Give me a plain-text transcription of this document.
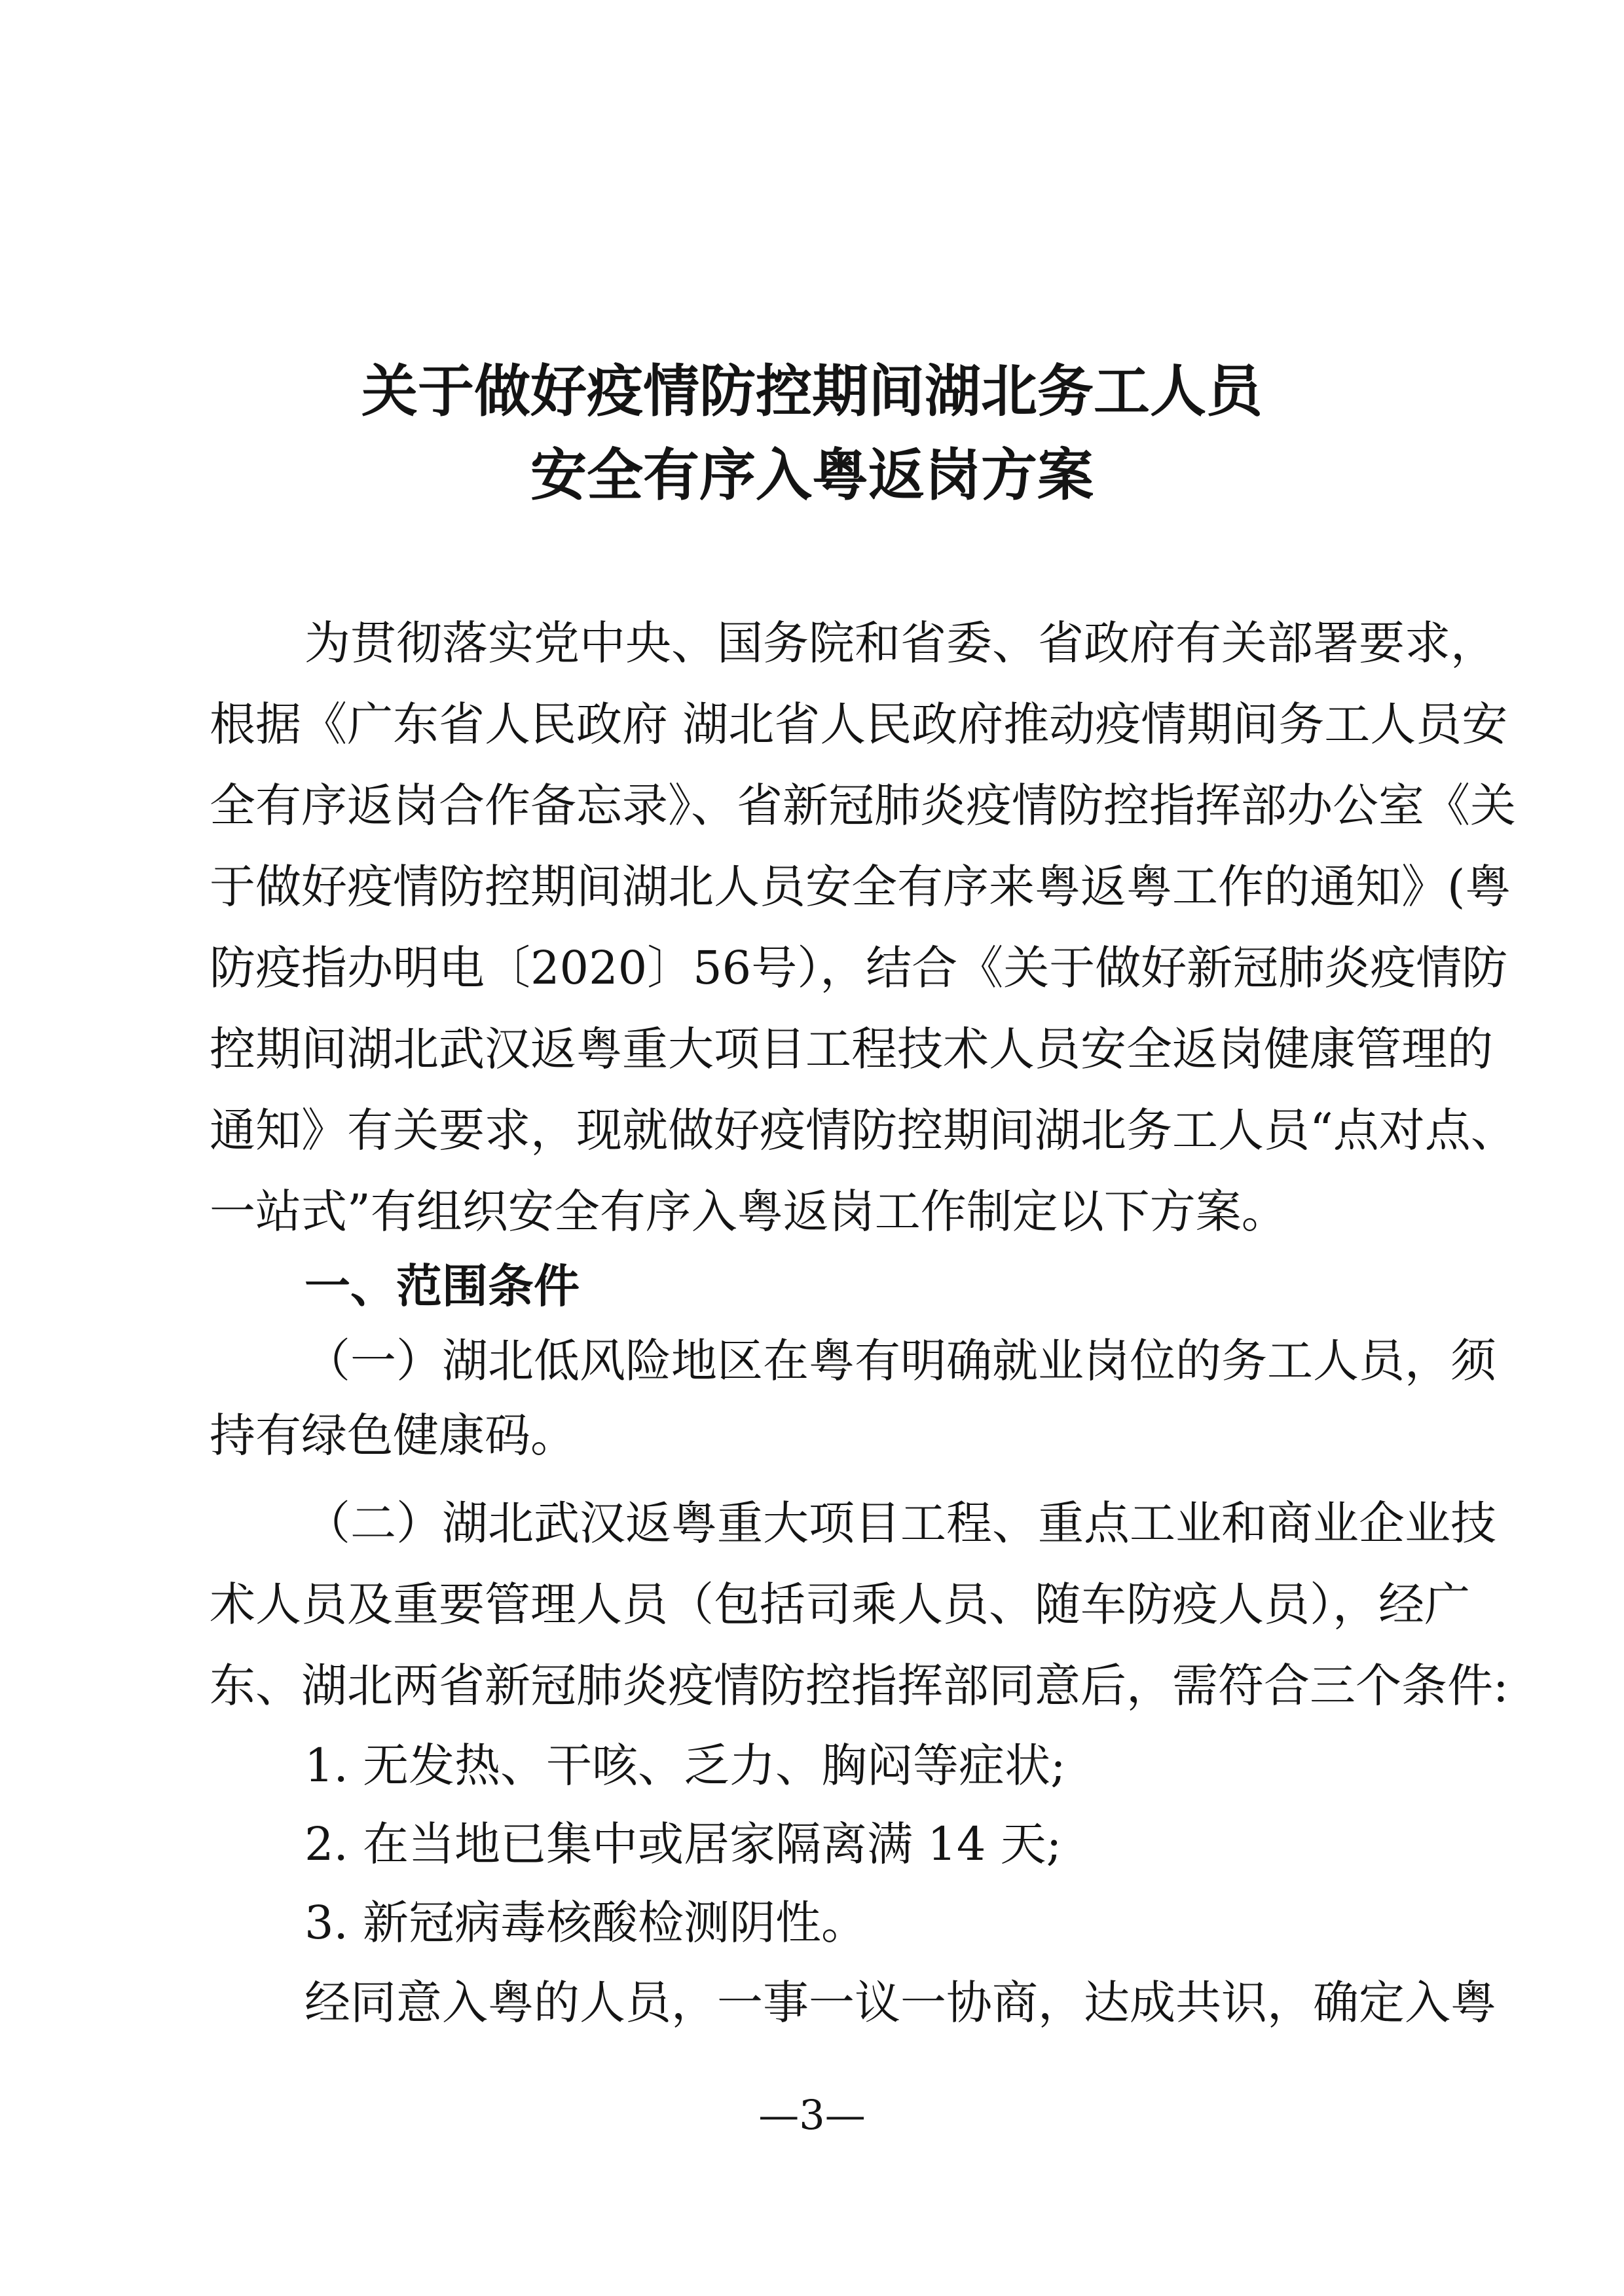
关于做好疫情防控期间湖北务工人员
安全有序入粤返岗方案
为贯彻落实党中央、国务院和省委、省政府有关部署要求，
根据《广东省人民政府 湖北省人民政府推动疫情期间务工人员安
全有序返岗合作备忘录》、省新冠肺炎疫情防控指挥部办公室《关
于做好疫情防控期间湖北人员安全有序来粤返粤工作的通知》(粤
防疫指办明电〔2020〕56号），结合《关于做好新冠肺炎疫情防
控期间湖北武汉返粤重大项目工程技术人员安全返岗健康管理的
通知》有关要求，现就做好疫情防控期间湖北务工人员“点对点、
一站式”有组织安全有序入粤返岗工作制定以下方案。
一、范围条件
（一）湖北低风险地区在粤有明确就业岗位的务工人员，须
持有绿色健康码。
（二）湖北武汉返粤重大项目工程、重点工业和商业企业技
术人员及重要管理人员（包括司乘人员、随车防疫人员），经广
东、湖北两省新冠肺炎疫情防控指挥部同意后，需符合三个条件:
1. 无发热、干咳、乏力、胸闷等症状;
2. 在当地已集中或居家隔离满 14 天;
3. 新冠病毒核酸检测阴性。
经同意入粤的人员，一事一议一协商，达成共识，确定入粤
—3—
